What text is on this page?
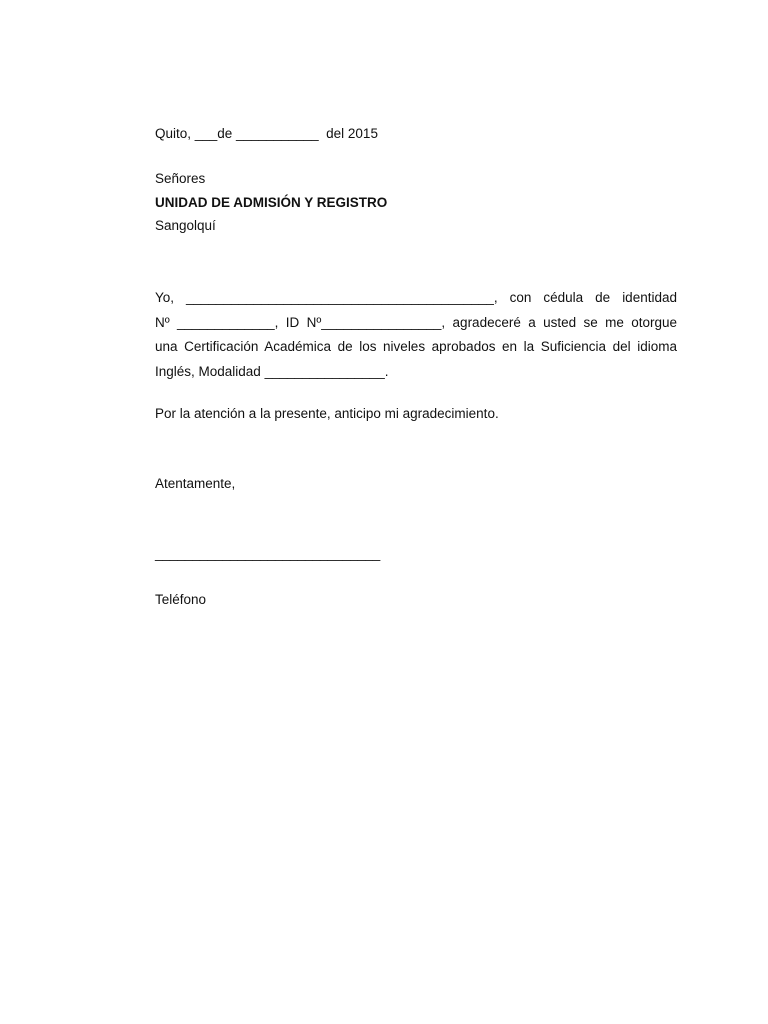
Quito, ___de ___________  del 2015
Señores
UNIDAD DE ADMISIÓN Y REGISTRO
Sangolquí
Yo, _________________________________________, con cédula de identidad
Nº _____________, ID Nº________________, agradeceré a usted se me otorgue
una Certificación Académica de los niveles aprobados en la Suficiencia del idioma
Inglés, Modalidad ________________.
Por la atención a la presente, anticipo mi agradecimiento.
Atentamente,
______________________________
Teléfono
